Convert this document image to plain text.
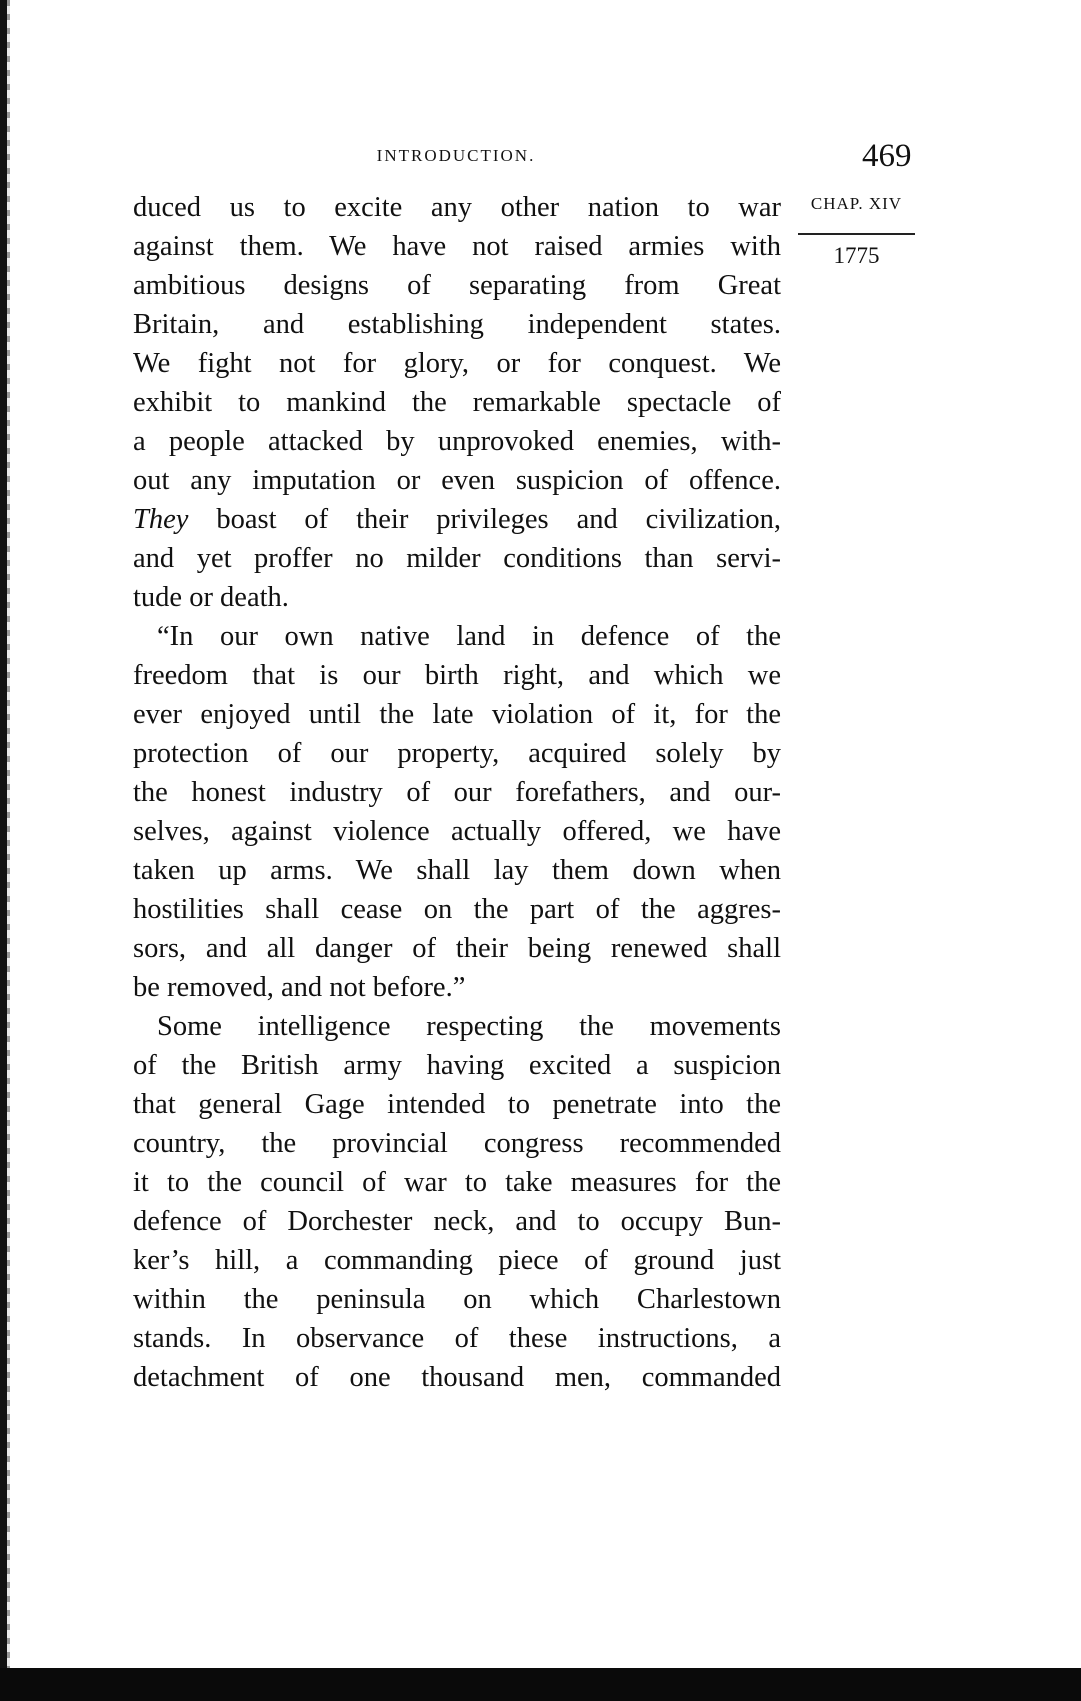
INTRODUCTION.	469
CHAP. XIV
1775
duced us to excite any other nation to war
against them. We have not raised armies with
ambitious designs of separating from Great
Britain, and establishing independent states.
We fight not for glory, or for conquest. We
exhibit to mankind the remarkable spectacle of
a people attacked by unprovoked enemies, with-
out any imputation or even suspicion of offence.
They boast of their privileges and civilization,
and yet proffer no milder conditions than servi-
tude or death.
“In our own native land in defence of the
freedom that is our birth right, and which we
ever enjoyed until the late violation of it, for the
protection of our property, acquired solely by
the honest industry of our forefathers, and our-
selves, against violence actually offered, we have
taken up arms. We shall lay them down when
hostilities shall cease on the part of the aggres-
sors, and all danger of their being renewed shall
be removed, and not before.”
Some intelligence respecting the movements
of the British army having excited a suspicion
that general Gage intended to penetrate into the
country, the provincial congress recommended
it to the council of war to take measures for the
defence of Dorchester neck, and to occupy Bun-
ker’s hill, a commanding piece of ground just
within the peninsula on which Charlestown
stands. In observance of these instructions, a
detachment of one thousand men, commanded
